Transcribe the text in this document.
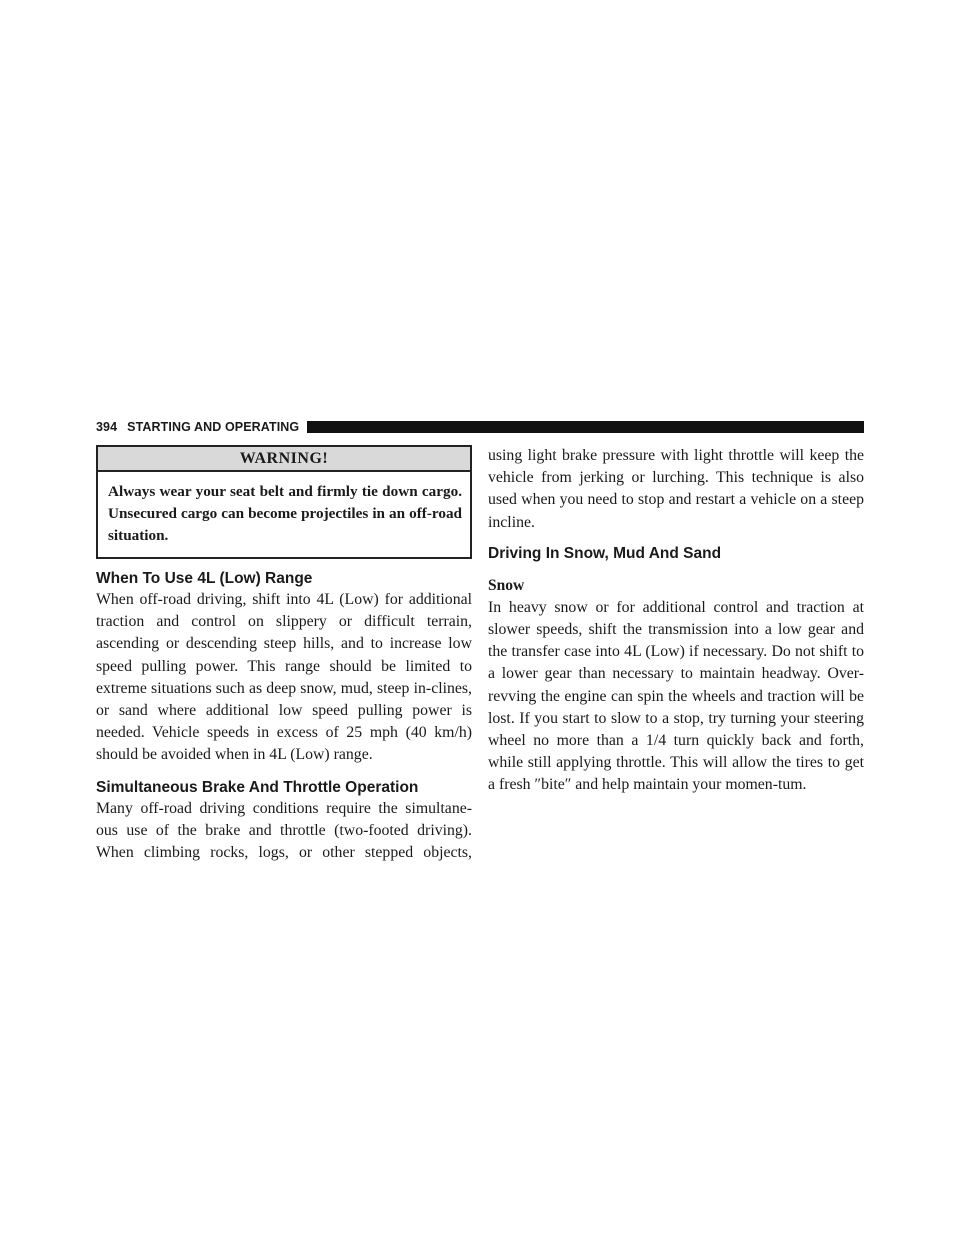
394 STARTING AND OPERATING
WARNING!
Always wear your seat belt and firmly tie down cargo. Unsecured cargo can become projectiles in an off-road situation.
When To Use 4L (Low) Range

When off-road driving, shift into 4L (Low) for additional traction and control on slippery or difficult terrain, ascending or descending steep hills, and to increase low speed pulling power. This range should be limited to extreme situations such as deep snow, mud, steep in-clines, or sand where additional low speed pulling power is needed. Vehicle speeds in excess of 25 mph (40 km/h) should be avoided when in 4L (Low) range.

Simultaneous Brake And Throttle Operation

Many off-road driving conditions require the simultane-ous use of the brake and throttle (two-footed driving). When climbing rocks, logs, or other stepped objects,

using light brake pressure with light throttle will keep the vehicle from jerking or lurching. This technique is also used when you need to stop and restart a vehicle on a steep incline.

Driving In Snow, Mud And Sand
Snow

In heavy snow or for additional control and traction at slower speeds, shift the transmission into a low gear and the transfer case into 4L (Low) if necessary. Do not shift to a lower gear than necessary to maintain headway. Over-revving the engine can spin the wheels and traction will be lost. If you start to slow to a stop, try turning your steering wheel no more than a 1/4 turn quickly back and forth, while still applying throttle. This will allow the tires to get a fresh ″bite″ and help maintain your momen-tum.
